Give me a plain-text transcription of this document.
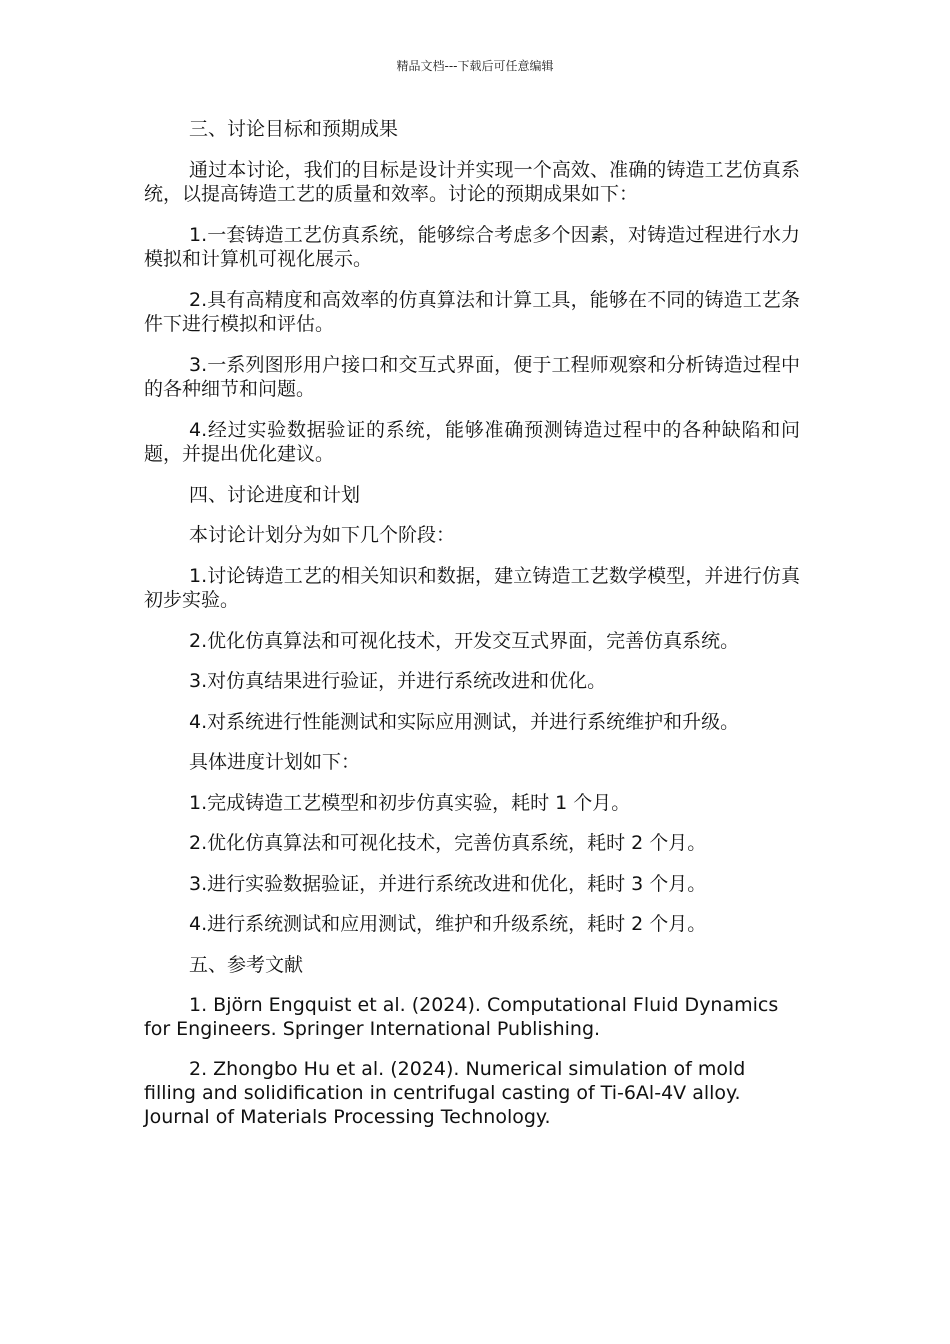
精品文档---下载后可任意编辑

三、讨论目标和预期成果

通过本讨论，我们的目标是设计并实现一个高效、准确的铸造工艺仿真系统，以提高铸造工艺的质量和效率。讨论的预期成果如下：

1.一套铸造工艺仿真系统，能够综合考虑多个因素，对铸造过程进行水力模拟和计算机可视化展示。

2.具有高精度和高效率的仿真算法和计算工具，能够在不同的铸造工艺条件下进行模拟和评估。

3.一系列图形用户接口和交互式界面，便于工程师观察和分析铸造过程中的各种细节和问题。

4.经过实验数据验证的系统，能够准确预测铸造过程中的各种缺陷和问题，并提出优化建议。

四、讨论进度和计划

本讨论计划分为如下几个阶段：

1.讨论铸造工艺的相关知识和数据，建立铸造工艺数学模型，并进行仿真初步实验。

2.优化仿真算法和可视化技术，开发交互式界面，完善仿真系统。

3.对仿真结果进行验证，并进行系统改进和优化。

4.对系统进行性能测试和实际应用测试，并进行系统维护和升级。

具体进度计划如下：

1.完成铸造工艺模型和初步仿真实验，耗时 1 个月。

2.优化仿真算法和可视化技术，完善仿真系统，耗时 2 个月。

3.进行实验数据验证，并进行系统改进和优化，耗时 3 个月。

4.进行系统测试和应用测试，维护和升级系统，耗时 2 个月。

五、参考文献

1. Björn Engquist et al. (2024). Computational Fluid Dynamics for Engineers. Springer International Publishing.

2. Zhongbo Hu et al. (2024). Numerical simulation of mold filling and solidification in centrifugal casting of Ti-6Al-4V alloy. Journal of Materials Processing Technology.
